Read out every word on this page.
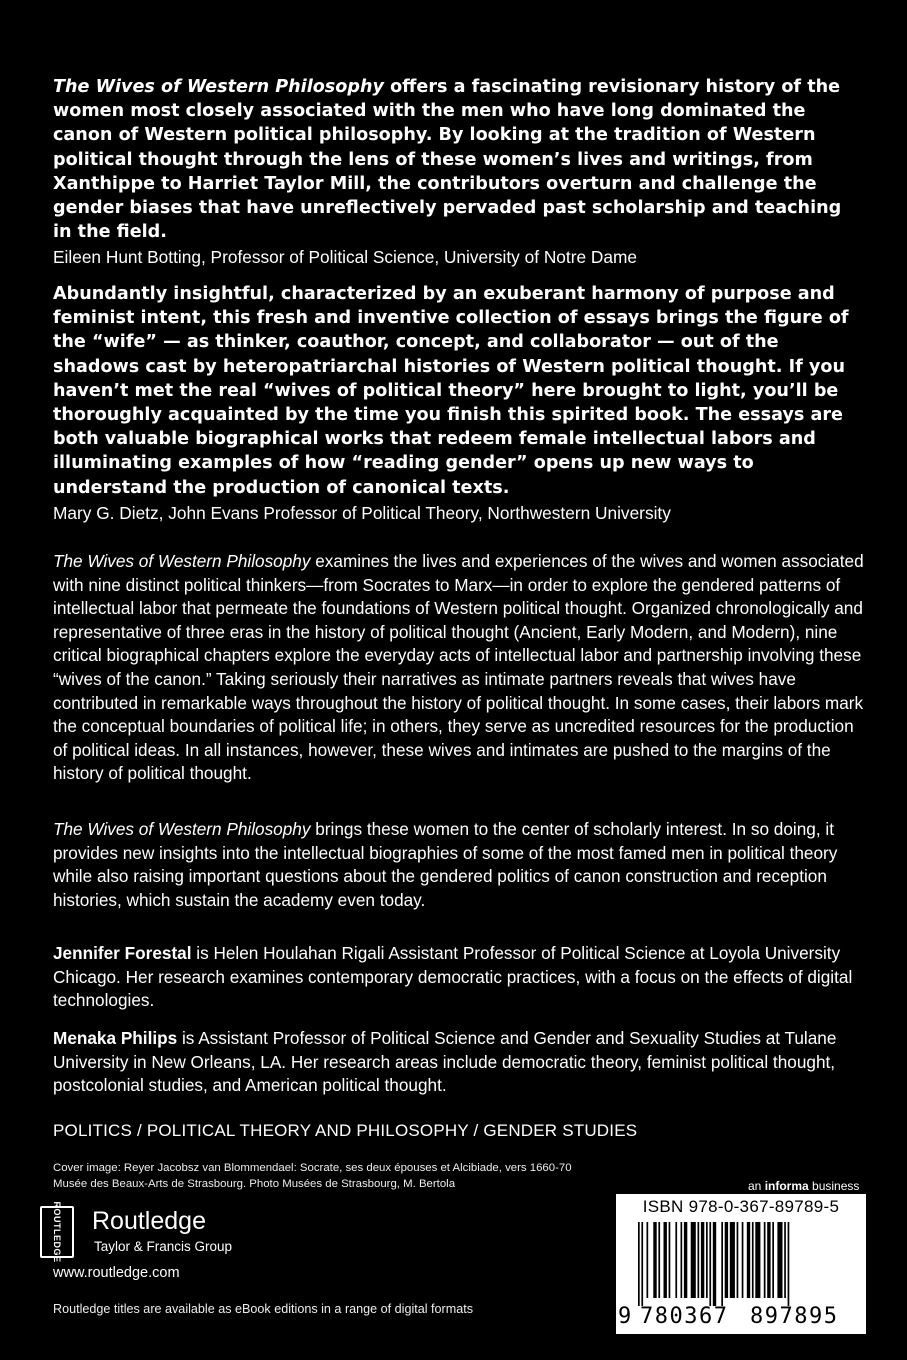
The Wives of Western Philosophy offers a fascinating revisionary history of the women most closely associated with the men who have long dominated the canon of Western political philosophy. By looking at the tradition of Western political thought through the lens of these women’s lives and writings, from Xanthippe to Harriet Taylor Mill, the contributors overturn and challenge the gender biases that have unreflectively pervaded past scholarship and teaching in the field.

Eileen Hunt Botting, Professor of Political Science, University of Notre Dame

Abundantly insightful, characterized by an exuberant harmony of purpose and feminist intent, this fresh and inventive collection of essays brings the figure of the “wife” — as thinker, coauthor, concept, and collaborator — out of the shadows cast by heteropatriarchal histories of Western political thought. If you haven’t met the real “wives of political theory” here brought to light, you’ll be thoroughly acquainted by the time you finish this spirited book. The essays are both valuable biographical works that redeem female intellectual labors and illuminating examples of how “reading gender” opens up new ways to understand the production of canonical texts.

Mary G. Dietz, John Evans Professor of Political Theory, Northwestern University

The Wives of Western Philosophy examines the lives and experiences of the wives and women associated with nine distinct political thinkers—from Socrates to Marx—in order to explore the gendered patterns of intellectual labor that permeate the foundations of Western political thought. Organized chronologically and representative of three eras in the history of political thought (Ancient, Early Modern, and Modern), nine critical biographical chapters explore the everyday acts of intellectual labor and partnership involving these “wives of the canon.” Taking seriously their narratives as intimate partners reveals that wives have contributed in remarkable ways throughout the history of political thought. In some cases, their labors mark the conceptual boundaries of political life; in others, they serve as uncredited resources for the production of political ideas. In all instances, however, these wives and intimates are pushed to the margins of the history of political thought.

The Wives of Western Philosophy brings these women to the center of scholarly interest. In so doing, it provides new insights into the intellectual biographies of some of the most famed men in political theory while also raising important questions about the gendered politics of canon construction and reception histories, which sustain the academy even today.

Jennifer Forestal is Helen Houlahan Rigali Assistant Professor of Political Science at Loyola University Chicago. Her research examines contemporary democratic practices, with a focus on the effects of digital technologies.

Menaka Philips is Assistant Professor of Political Science and Gender and Sexuality Studies at Tulane University in New Orleans, LA. Her research areas include democratic theory, feminist political thought, postcolonial studies, and American political thought.

POLITICS / POLITICAL THEORY AND PHILOSOPHY / GENDER STUDIES
Cover image: Reyer Jacobsz van Blommendael: Socrate, ses deux épouses et Alcibiade, vers 1660-70
Musée des Beaux-Arts de Strasbourg. Photo Musées de Strasbourg, M. Bertola
ROUTLEDGE Routledge
Taylor & Francis Group
www.routledge.com
Routledge titles are available as eBook editions in a range of digital formats
an informa business
ISBN 978-0-367-89789-5
9 780367 897895
